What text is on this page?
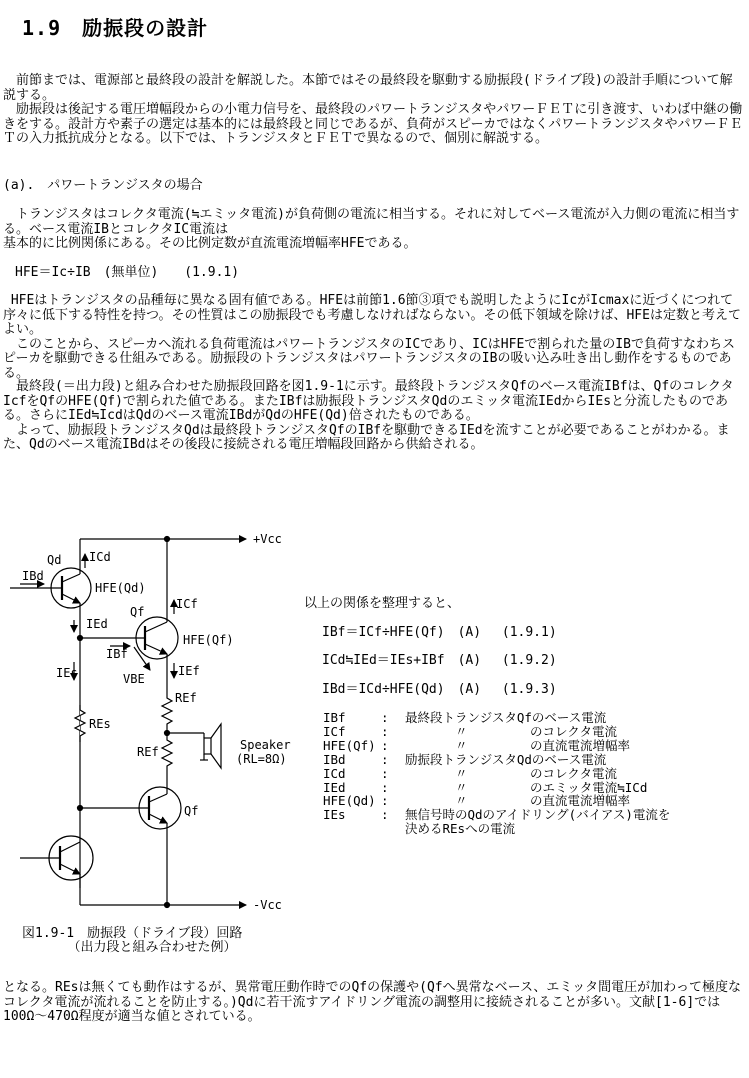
1.9　励振段の設計

　前節までは、電源部と最終段の設計を解説した。本節ではその最終段を駆動する励振段(ドライブ段)の設計手順について解説する。
　励振段は後記する電圧増幅段からの小電力信号を、最終段のパワートランジスタやパワーＦＥＴに引き渡す、いわば中継の働きをする。設計方や素子の選定は基本的には最終段と同じであるが、負荷がスピーカではなくパワートランジスタやパワーＦＥＴの入力抵抗成分となる。以下では、トランジスタとＦＥＴで異なるので、個別に解説する。

(a).　パワートランジスタの場合

　トランジスタはコレクタ電流(≒エミッタ電流)が負荷側の電流に相当する。それに対してベース電流が入力側の電流に相当する。ベース電流IBとコレクタIC電流は
基本的に比例関係にある。その比例定数が直流電流増幅率HFEである。

HFE＝Ic÷IB　(無単位)　　(1.9.1)

HFEはトランジスタの品種毎に異なる固有値である。HFEは前節1.6節③項でも説明したようにIcがIcmaxに近づくにつれて序々に低下する特性を持つ。その性質はこの励振段でも考慮しなければならない。その低下領域を除けば、HFEは定数と考えてよい。
　このことから、スピーカへ流れる負荷電流はパワートランジスタのICであり、ICはHFEで割られた量のIBで負荷すなわちスピーカを駆動できる仕組みである。励振段のトランジスタはパワートランジスタのIBの吸い込み吐き出し動作をするものである。

　最終段(＝出力段)と組み合わせた励振段回路を図1.9-1に示す。最終段トランジスタQfのベース電流IBfは、QfのコレクタIcfをQfのHFE(Qf)で割られた値である。またIBfは励振段トランジスタQdのエミッタ電流IEdからIEsと分流したものである。さらにIEd≒IcdはQdのベース電流IBdがQdのHFE(Qd)倍されたものである。
　よって、励振段トランジスタQdは最終段トランジスタQfのIBfを駆動できるIEdを流すことが必要であることがわかる。また、Qdのベース電流IBdはその後段に接続される電圧増幅段回路から供給される。

以上の関係を整理すると、
IBf＝ICf÷HFE(Qf)　(A)　 (1.9.1)
ICd≒IEd＝IEs+IBf　(A)　 (1.9.2)
IBd＝ICd÷HFE(Qd)　(A)　 (1.9.3)
IBf	:	最終段トランジスタQfのベース電流
ICf	:	　　　　〃　　　　　のコレクタ電流
HFE(Qf) :	　　　　〃　　　　　の直流電流増幅率
IBd	:	励振段トランジスタQdのベース電流
ICd	:	　　　　〃　　　　　のコレクタ電流
IEd	:	　　　　〃　　　　　のエミッタ電流≒ICd
HFE(Qd) :	　　　　〃　　　　　の直流電流増幅率
IEs	:	無信号時のQdのアイドリング(バイアス)電流を
決めるREsへの電流
+Vcc
-Vcc
Qd ICd
IBd
HFE(Qd)
Qf
ICf
IEd
HFE(Qf)
IBf
IEs	IEf
VBE
REf
REf
REs
Speaker
(RL=8Ω)
Qf
図1.9-1　励振段（ドライブ段）回路
　　　　（出力段と組み合わせた例）

となる。REsは無くても動作はするが、異常電圧動作時でのQfの保護や(Qfへ異常なベース、エミッタ間電圧が加わって極度なコレクタ電流が流れることを防止する。)Qdに若干流すアイドリング電流の調整用に接続されることが多い。文献[1-6]では100Ω～470Ω程度が適当な値とされている。
